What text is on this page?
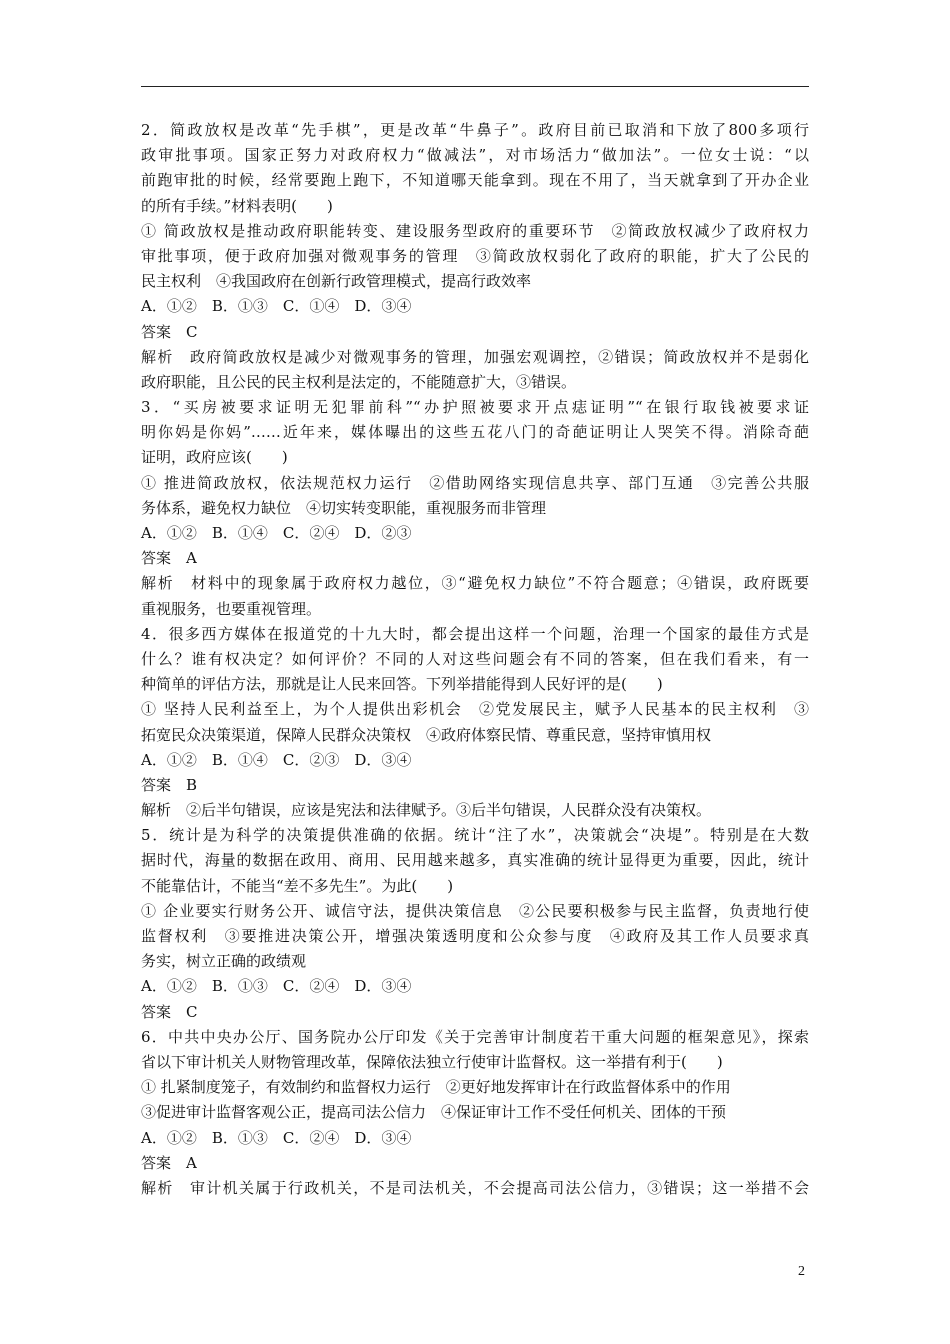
2．简政放权是改革“先手棋”，更是改革“牛鼻子”。政府目前已取消和下放了800多项行
政审批事项。国家正努力对政府权力“做减法”，对市场活力“做加法”。一位女士说：“以
前跑审批的时候，经常要跑上跑下，不知道哪天能拿到。现在不用了，当天就拿到了开办企业
的所有手续。”材料表明(　　)
① 简政放权是推动政府职能转变、建设服务型政府的重要环节　②简政放权减少了政府权力
审批事项，便于政府加强对微观事务的管理　③简政放权弱化了政府的职能，扩大了公民的
民主权利　④我国政府在创新行政管理模式，提高行政效率
A．①②　B．①③　C．①④　D．③④
答案　C
解析　政府简政放权是减少对微观事务的管理，加强宏观调控，②错误；简政放权并不是弱化
政府职能，且公民的民主权利是法定的，不能随意扩大，③错误。
3．“买房被要求证明无犯罪前科”“办护照被要求开点痣证明”“在银行取钱被要求证
明你妈是你妈”……近年来，媒体曝出的这些五花八门的奇葩证明让人哭笑不得。消除奇葩
证明，政府应该(　　)
① 推进简政放权，依法规范权力运行　②借助网络实现信息共享、部门互通　③完善公共服
务体系，避免权力缺位　④切实转变职能，重视服务而非管理
A．①②　B．①④　C．②④　D．②③
答案　A
解析　材料中的现象属于政府权力越位，③“避免权力缺位”不符合题意；④错误，政府既要
重视服务，也要重视管理。
4．很多西方媒体在报道党的十九大时，都会提出这样一个问题，治理一个国家的最佳方式是
什么？谁有权决定？如何评价？不同的人对这些问题会有不同的答案，但在我们看来，有一
种简单的评估方法，那就是让人民来回答。下列举措能得到人民好评的是(　　)
① 坚持人民利益至上，为个人提供出彩机会　②党发展民主，赋予人民基本的民主权利　③
拓宽民众决策渠道，保障人民群众决策权　④政府体察民情、尊重民意，坚持审慎用权
A．①②　B．①④　C．②③　D．③④
答案　B
解析　②后半句错误，应该是宪法和法律赋予。③后半句错误，人民群众没有决策权。
5．统计是为科学的决策提供准确的依据。统计“注了水”，决策就会“决堤”。特别是在大数
据时代，海量的数据在政用、商用、民用越来越多，真实准确的统计显得更为重要，因此，统计
不能靠估计，不能当“差不多先生”。为此(　　)
① 企业要实行财务公开、诚信守法，提供决策信息　②公民要积极参与民主监督，负责地行使
监督权利　③要推进决策公开，增强决策透明度和公众参与度　④政府及其工作人员要求真
务实，树立正确的政绩观
A．①②　B．①③　C．②④　D．③④
答案　C
6．中共中央办公厅、国务院办公厅印发《关于完善审计制度若干重大问题的框架意见》，探索
省以下审计机关人财物管理改革，保障依法独立行使审计监督权。这一举措有利于(　　)
① 扎紧制度笼子，有效制约和监督权力运行　②更好地发挥审计在行政监督体系中的作用
③促进审计监督客观公正，提高司法公信力　④保证审计工作不受任何机关、团体的干预
A．①②　B．①③　C．②④　D．③④
答案　A
解析　审计机关属于行政机关，不是司法机关，不会提高司法公信力，③错误；这一举措不会
2
